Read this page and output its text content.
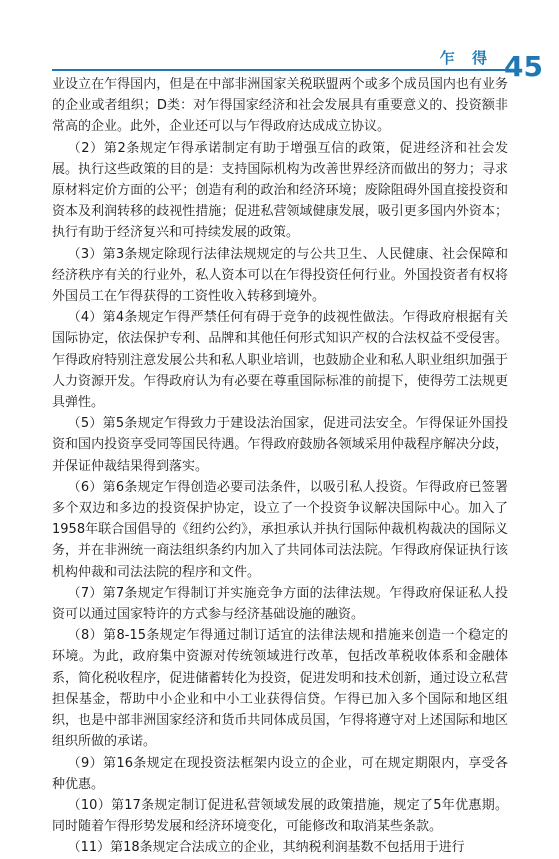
乍 得 45

业设立在乍得国内，但是在中部非洲国家关税联盟两个或多个成员国内也有业务的企业或者组织；D类：对乍得国家经济和社会发展具有重要意义的、投资额非常高的企业。此外，企业还可以与乍得政府达成成立协议。

（2）第2条规定乍得承诺制定有助于增强互信的政策，促进经济和社会发展。执行这些政策的目的是：支持国际机构为改善世界经济而做出的努力；寻求原材料定价方面的公平；创造有利的政治和经济环境；废除阻碍外国直接投资和资本及利润转移的歧视性措施；促进私营领域健康发展，吸引更多国内外资本；执行有助于经济复兴和可持续发展的政策。

（3）第3条规定除现行法律法规规定的与公共卫生、人民健康、社会保障和经济秩序有关的行业外，私人资本可以在乍得投资任何行业。外国投资者有权将外国员工在乍得获得的工资性收入转移到境外。

（4）第4条规定乍得严禁任何有碍于竞争的歧视性做法。乍得政府根据有关国际协定，依法保护专利、品牌和其他任何形式知识产权的合法权益不受侵害。乍得政府特别注意发展公共和私人职业培训，也鼓励企业和私人职业组织加强于人力资源开发。乍得政府认为有必要在尊重国际标准的前提下，使得劳工法规更具弹性。

（5）第5条规定乍得致力于建设法治国家，促进司法安全。乍得保证外国投资和国内投资享受同等国民待遇。乍得政府鼓励各领域采用仲裁程序解决分歧，并保证仲裁结果得到落实。

（6）第6条规定乍得创造必要司法条件，以吸引私人投资。乍得政府已签署多个双边和多边的投资保护协定，设立了一个投资争议解决国际中心。加入了1958年联合国倡导的《纽约公约》，承担承认并执行国际仲裁机构裁决的国际义务，并在非洲统一商法组织条约内加入了共同体司法法院。乍得政府保证执行该机构仲裁和司法法院的程序和文件。

（7）第7条规定乍得制订并实施竞争方面的法律法规。乍得政府保证私人投资可以通过国家特许的方式参与经济基础设施的融资。

（8）第8-15条规定乍得通过制订适宜的法律法规和措施来创造一个稳定的环境。为此，政府集中资源对传统领域进行改革，包括改革税收体系和金融体系，简化税收程序，促进储蓄转化为投资，促进发明和技术创新，通过设立私营担保基金，帮助中小企业和中小工业获得信贷。乍得已加入多个国际和地区组织，也是中部非洲国家经济和货币共同体成员国，乍得将遵守对上述国际和地区组织所做的承诺。

（9）第16条规定在现投资法框架内设立的企业，可在规定期限内，享受各种优惠。

（10）第17条规定制订促进私营领域发展的政策措施，规定了5年优惠期。同时随着乍得形势发展和经济环境变化，可能修改和取消某些条款。

（11）第18条规定合法成立的企业，其纳税利润基数不包括用于进行
